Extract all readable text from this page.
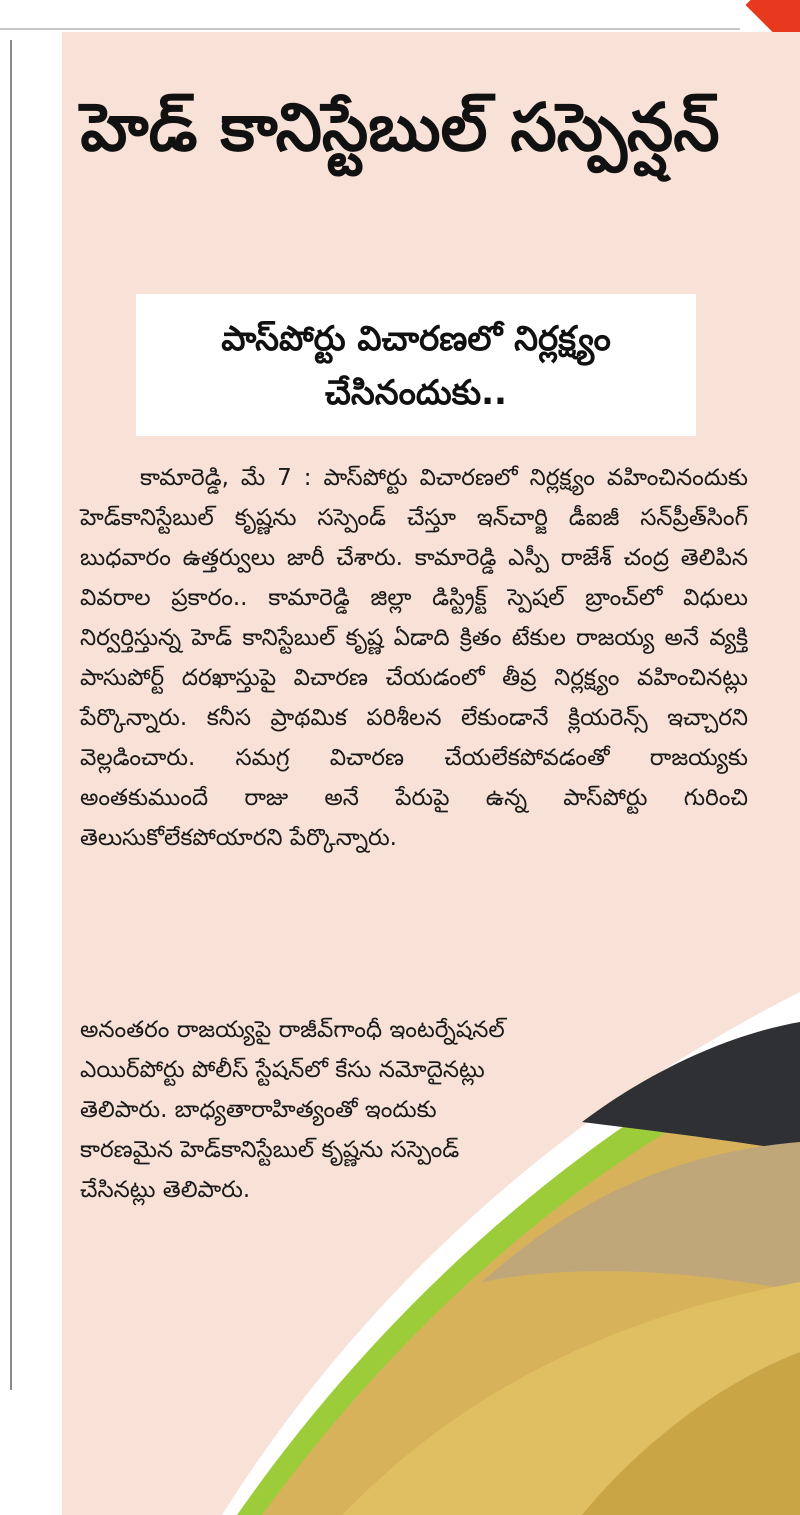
హెడ్ కానిస్టేబుల్ సస్పెన్షన్
పాస్‌పోర్టు విచారణలో నిర్లక్ష్యం చేసినందుకు..

కామారెడ్డి, మే 7 : పాస్‌పోర్టు విచారణలో నిర్లక్ష్యం వహించినందుకు హెడ్‌కానిస్టేబుల్ కృష్ణను సస్పెండ్ చేస్తూ ఇన్‌చార్జి డీఐజీ సన్‌ప్రీత్‌సింగ్ బుధవారం ఉత్తర్వులు జారీ చేశారు. కామారెడ్డి ఎస్పీ రాజేశ్ చంద్ర తెలిపిన వివరాల ప్రకారం.. కామారెడ్డి జిల్లా డిస్ట్రిక్ట్ స్పెషల్ బ్రాంచ్‌లో విధులు నిర్వర్తిస్తున్న హెడ్ కానిస్టేబుల్ కృష్ణ ఏడాది క్రితం టేకుల రాజయ్య అనే వ్యక్తి పాసుపోర్ట్ దరఖాస్తుపై విచారణ చేయడంలో తీవ్ర నిర్లక్ష్యం వహించినట్లు పేర్కొన్నారు. కనీస ప్రాథమిక పరిశీలన లేకుండానే క్లియరెన్స్ ఇచ్చారని వెల్లడించారు. సమగ్ర విచారణ చేయలేకపోవడంతో రాజయ్యకు అంతకుముందే రాజు అనే పేరుపై ఉన్న పాస్‌పోర్టు గురించి తెలుసుకోలేకపోయారని పేర్కొన్నారు.

అనంతరం రాజయ్యపై రాజీవ్‌గాంధీ ఇంటర్నేషనల్ ఎయిర్‌పోర్టు పోలీస్ స్టేషన్‌లో కేసు నమోదైనట్లు తెలిపారు. బాధ్యతారాహిత్యంతో ఇందుకు కారణమైన హెడ్‌కానిస్టేబుల్ కృష్ణను సస్పెండ్ చేసినట్లు తెలిపారు.
